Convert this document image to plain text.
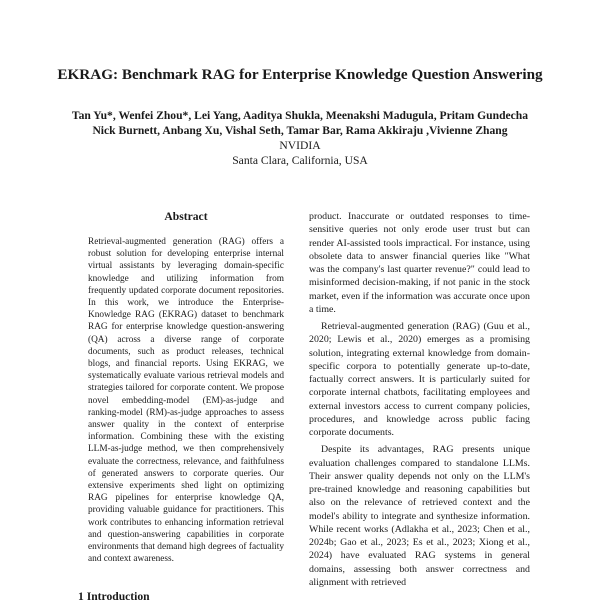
EKRAG: Benchmark RAG for Enterprise Knowledge Question Answering
Tan Yu*, Wenfei Zhou*, Lei Yang, Aaditya Shukla, Meenakshi Madugula, Pritam Gundecha
Nick Burnett, Anbang Xu, Vishal Seth, Tamar Bar, Rama Akkiraju ,Vivienne Zhang
NVIDIA
Santa Clara, California, USA
Abstract

Retrieval-augmented generation (RAG) offers a robust solution for developing enterprise internal virtual assistants by leveraging domain-specific knowledge and utilizing information from frequently updated corporate document repositories. In this work, we introduce the Enterprise-Knowledge RAG (EKRAG) dataset to benchmark RAG for enterprise knowledge question-answering (QA) across a diverse range of corporate documents, such as product releases, technical blogs, and financial reports. Using EKRAG, we systematically evaluate various retrieval models and strategies tailored for corporate content. We propose novel embedding-model (EM)-as-judge and ranking-model (RM)-as-judge approaches to assess answer quality in the context of enterprise information. Combining these with the existing LLM-as-judge method, we then comprehensively evaluate the correctness, relevance, and faithfulness of generated answers to corporate queries. Our extensive experiments shed light on optimizing RAG pipelines for enterprise knowledge QA, providing valuable guidance for practitioners. This work contributes to enhancing information retrieval and question-answering capabilities in corporate environments that demand high degrees of factuality and context awareness.

product. Inaccurate or outdated responses to time-sensitive queries not only erode user trust but can render AI-assisted tools impractical. For instance, using obsolete data to answer financial queries like "What was the company's last quarter revenue?" could lead to misinformed decision-making, if not panic in the stock market, even if the information was accurate once upon a time.

Retrieval-augmented generation (RAG) (Guu et al., 2020; Lewis et al., 2020) emerges as a promising solution, integrating external knowledge from domain-specific corpora to potentially generate up-to-date, factually correct answers. It is particularly suited for corporate internal chatbots, facilitating employees and external investors access to current company policies, procedures, and knowledge across public facing corporate documents.

Despite its advantages, RAG presents unique evaluation challenges compared to standalone LLMs. Their answer quality depends not only on the LLM's pre-trained knowledge and reasoning capabilities but also on the relevance of retrieved context and the model's ability to integrate and synthesize information. While recent works (Adlakha et al., 2023; Chen et al., 2024b; Gao et al., 2023; Es et al., 2023; Xiong et al., 2024) have evaluated RAG systems in general domains, assessing both answer correctness and alignment with retrieved

1 Introduction
